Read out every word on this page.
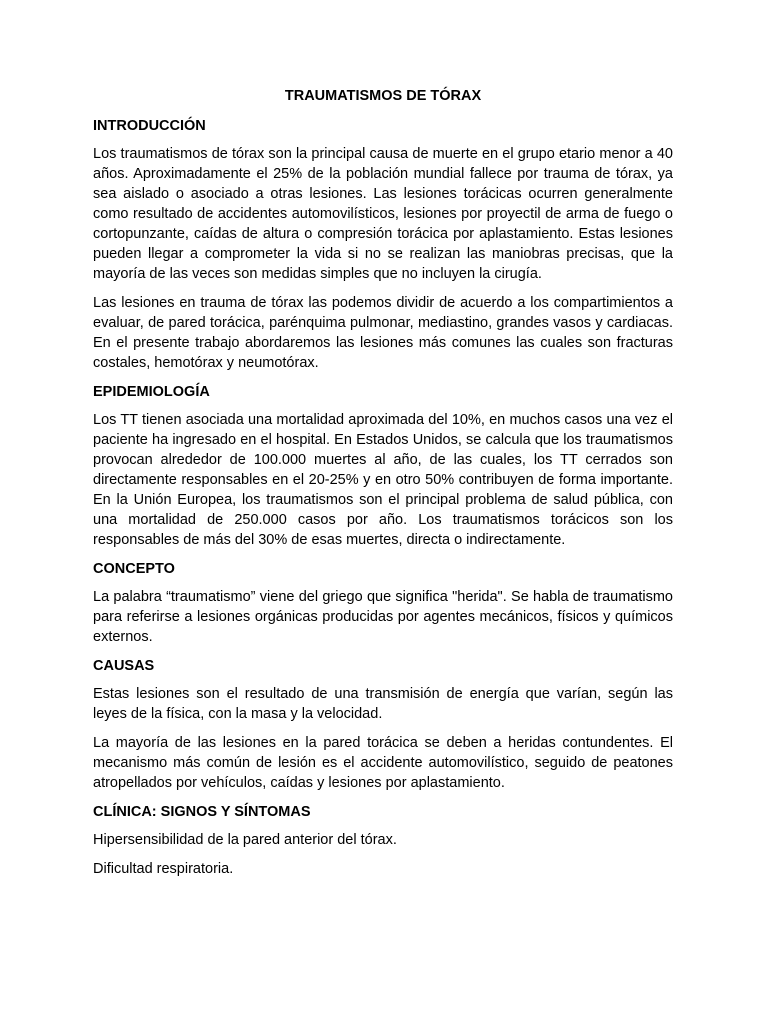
TRAUMATISMOS DE TÓRAX
INTRODUCCIÓN

Los traumatismos de tórax son la principal causa de muerte en el grupo etario menor a 40 años. Aproximadamente el 25% de la población mundial fallece por trauma de tórax, ya sea aislado o asociado a otras lesiones. Las lesiones torácicas ocurren generalmente como resultado de accidentes automovilísticos, lesiones por proyectil de arma de fuego o cortopunzante, caídas de altura o compresión torácica por aplastamiento. Estas lesiones pueden llegar a comprometer la vida si no se realizan las maniobras precisas, que la mayoría de las veces son medidas simples que no incluyen la cirugía.

Las lesiones en trauma de tórax las podemos dividir de acuerdo a los compartimientos a evaluar, de pared torácica, parénquima pulmonar, mediastino, grandes vasos y cardiacas. En el presente trabajo abordaremos las lesiones más comunes las cuales son fracturas costales, hemotórax y neumotórax.

EPIDEMIOLOGÍA

Los TT tienen asociada una mortalidad aproximada del 10%, en muchos casos una vez el paciente ha ingresado en el hospital. En Estados Unidos, se calcula que los traumatismos provocan alrededor de 100.000 muertes al año, de las cuales, los TT cerrados son directamente responsables en el 20-25% y en otro 50% contribuyen de forma importante. En la Unión Europea, los traumatismos son el principal problema de salud pública, con una mortalidad de 250.000 casos por año. Los traumatismos torácicos son los responsables de más del 30% de esas muertes, directa o indirectamente.

CONCEPTO

La palabra “traumatismo” viene del griego que significa "herida". Se habla de traumatismo para referirse a lesiones orgánicas producidas por agentes mecánicos, físicos y químicos externos.

CAUSAS

Estas lesiones son el resultado de una transmisión de energía que varían, según las leyes de la física, con la masa y la velocidad.

La mayoría de las lesiones en la pared torácica se deben a heridas contundentes. El mecanismo más común de lesión es el accidente automovilístico, seguido de peatones atropellados por vehículos, caídas y lesiones por aplastamiento.

CLÍNICA: SIGNOS Y SÍNTOMAS

Hipersensibilidad de la pared anterior del tórax.

Dificultad respiratoria.
